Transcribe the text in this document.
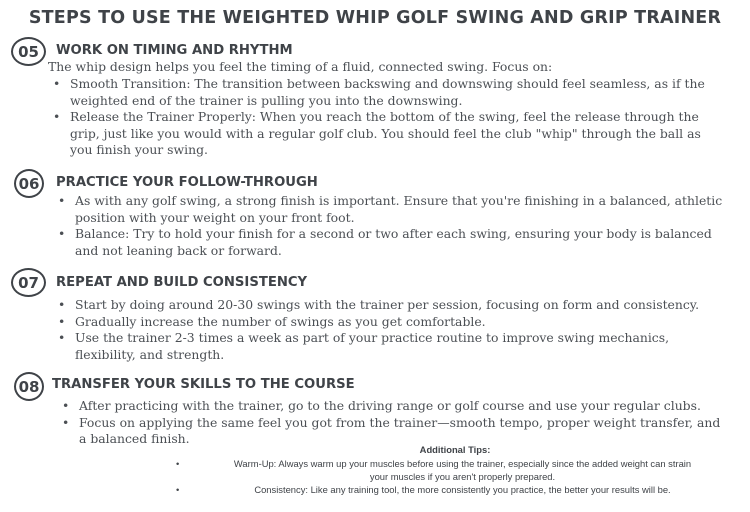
STEPS TO USE THE WEIGHTED WHIP GOLF SWING AND GRIP TRAINER
05	WORK ON TIMING AND RHYTHM
The whip design helps you feel the timing of a fluid, connected swing. Focus on:
• Smooth Transition: The transition between backswing and downswing should feel seamless, as if the
weighted end of the trainer is pulling you into the downswing.
• Release the Trainer Properly: When you reach the bottom of the swing, feel the release through the
grip, just like you would with a regular golf club. You should feel the club "whip" through the ball as
you finish your swing.
06	PRACTICE YOUR FOLLOW-THROUGH
• As with any golf swing, a strong finish is important. Ensure that you're finishing in a balanced, athletic
position with your weight on your front foot.
• Balance: Try to hold your finish for a second or two after each swing, ensuring your body is balanced
and not leaning back or forward.
07	REPEAT AND BUILD CONSISTENCY
• Start by doing around 20-30 swings with the trainer per session, focusing on form and consistency.
• Gradually increase the number of swings as you get comfortable.
• Use the trainer 2-3 times a week as part of your practice routine to improve swing mechanics,
flexibility, and strength.
08 TRANSFER YOUR SKILLS TO THE COURSE
• After practicing with the trainer, go to the driving range or golf course and use your regular clubs.
• Focus on applying the same feel you got from the trainer—smooth tempo, proper weight transfer, and
a balanced finish.
Additional Tips:
•	Warm-Up: Always warm up your muscles before using the trainer, especially since the added weight can strain
your muscles if you aren't properly prepared.
•	Consistency: Like any training tool, the more consistently you practice, the better your results will be.
